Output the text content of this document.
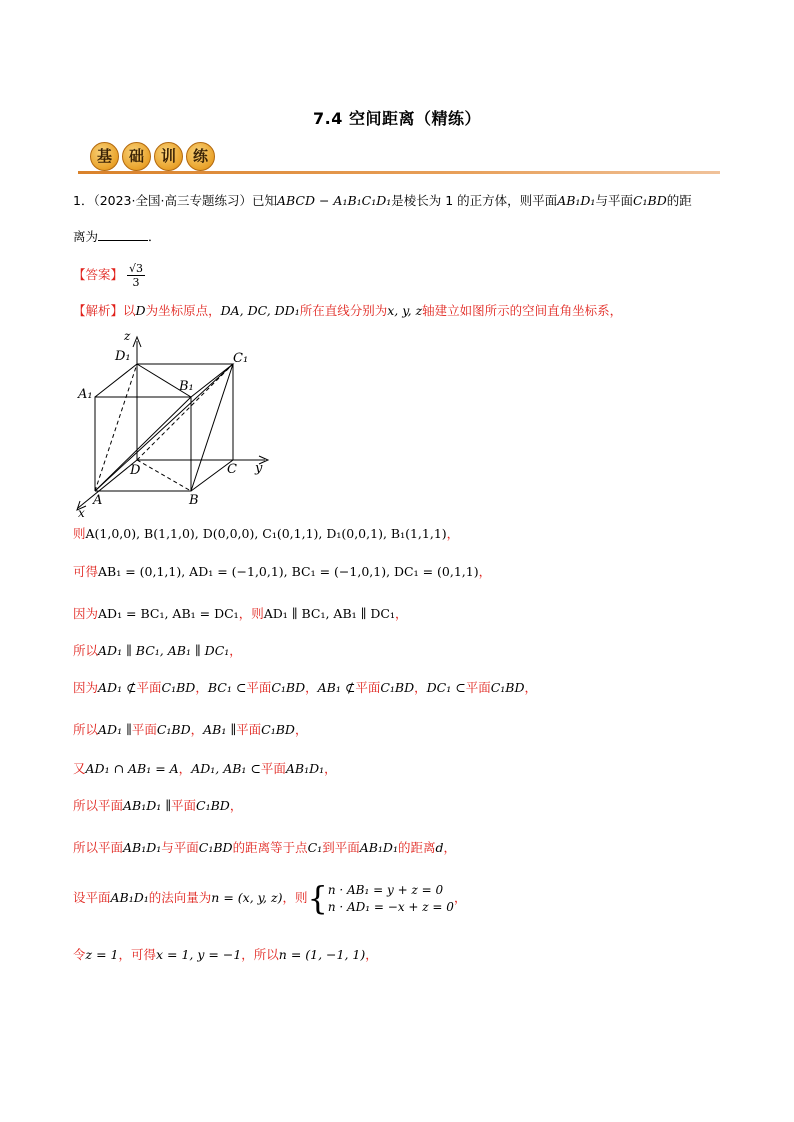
7.4 空间距离（精练）
基	础	训	练
1．（2023·全国·高三专题练习）已知ABCD − A₁B₁C₁D₁是棱长为 1 的正方体，则平面AB₁D₁与平面C₁BD的距
离为	．
【答案】 $\frac{√3}{3}$
【解析】以D为坐标原点，DA, DC, DD₁所在直线分别为x, y, z轴建立如图所示的空间直角坐标系，
z
D₁	C₁
A₁
B₁
D	C y
A	B
x
则A(1,0,0), B(1,1,0), D(0,0,0), C₁(0,1,1), D₁(0,0,1), B₁(1,1,1)，
可得AB₁ = (0,1,1), AD₁ = (−1,0,1), BC₁ = (−1,0,1), DC₁ = (0,1,1)，
因为AD₁ = BC₁, AB₁ = DC₁，则AD₁ ∥ BC₁, AB₁ ∥ DC₁，
所以AD₁ ∥ BC₁, AB₁ ∥ DC₁，
因为AD₁ ⊄平面C₁BD，BC₁ ⊂平面C₁BD，AB₁ ⊄平面C₁BD，DC₁ ⊂平面C₁BD，
所以AD₁ ∥平面C₁BD，AB₁ ∥平面C₁BD，
又AD₁ ∩ AB₁ = A，AD₁, AB₁ ⊂平面AB₁D₁，
所以平面AB₁D₁ ∥平面C₁BD，
所以平面AB₁D₁与平面C₁BD的距离等于点C₁到平面AB₁D₁的距离d，
设平面AB₁D₁的法向量为n = (x, y, z)，则{n · AB₁ = y + z = 0
n · AD₁ = −x + z = 0，
令z = 1，可得x = 1, y = −1，所以n = (1, −1, 1)，
